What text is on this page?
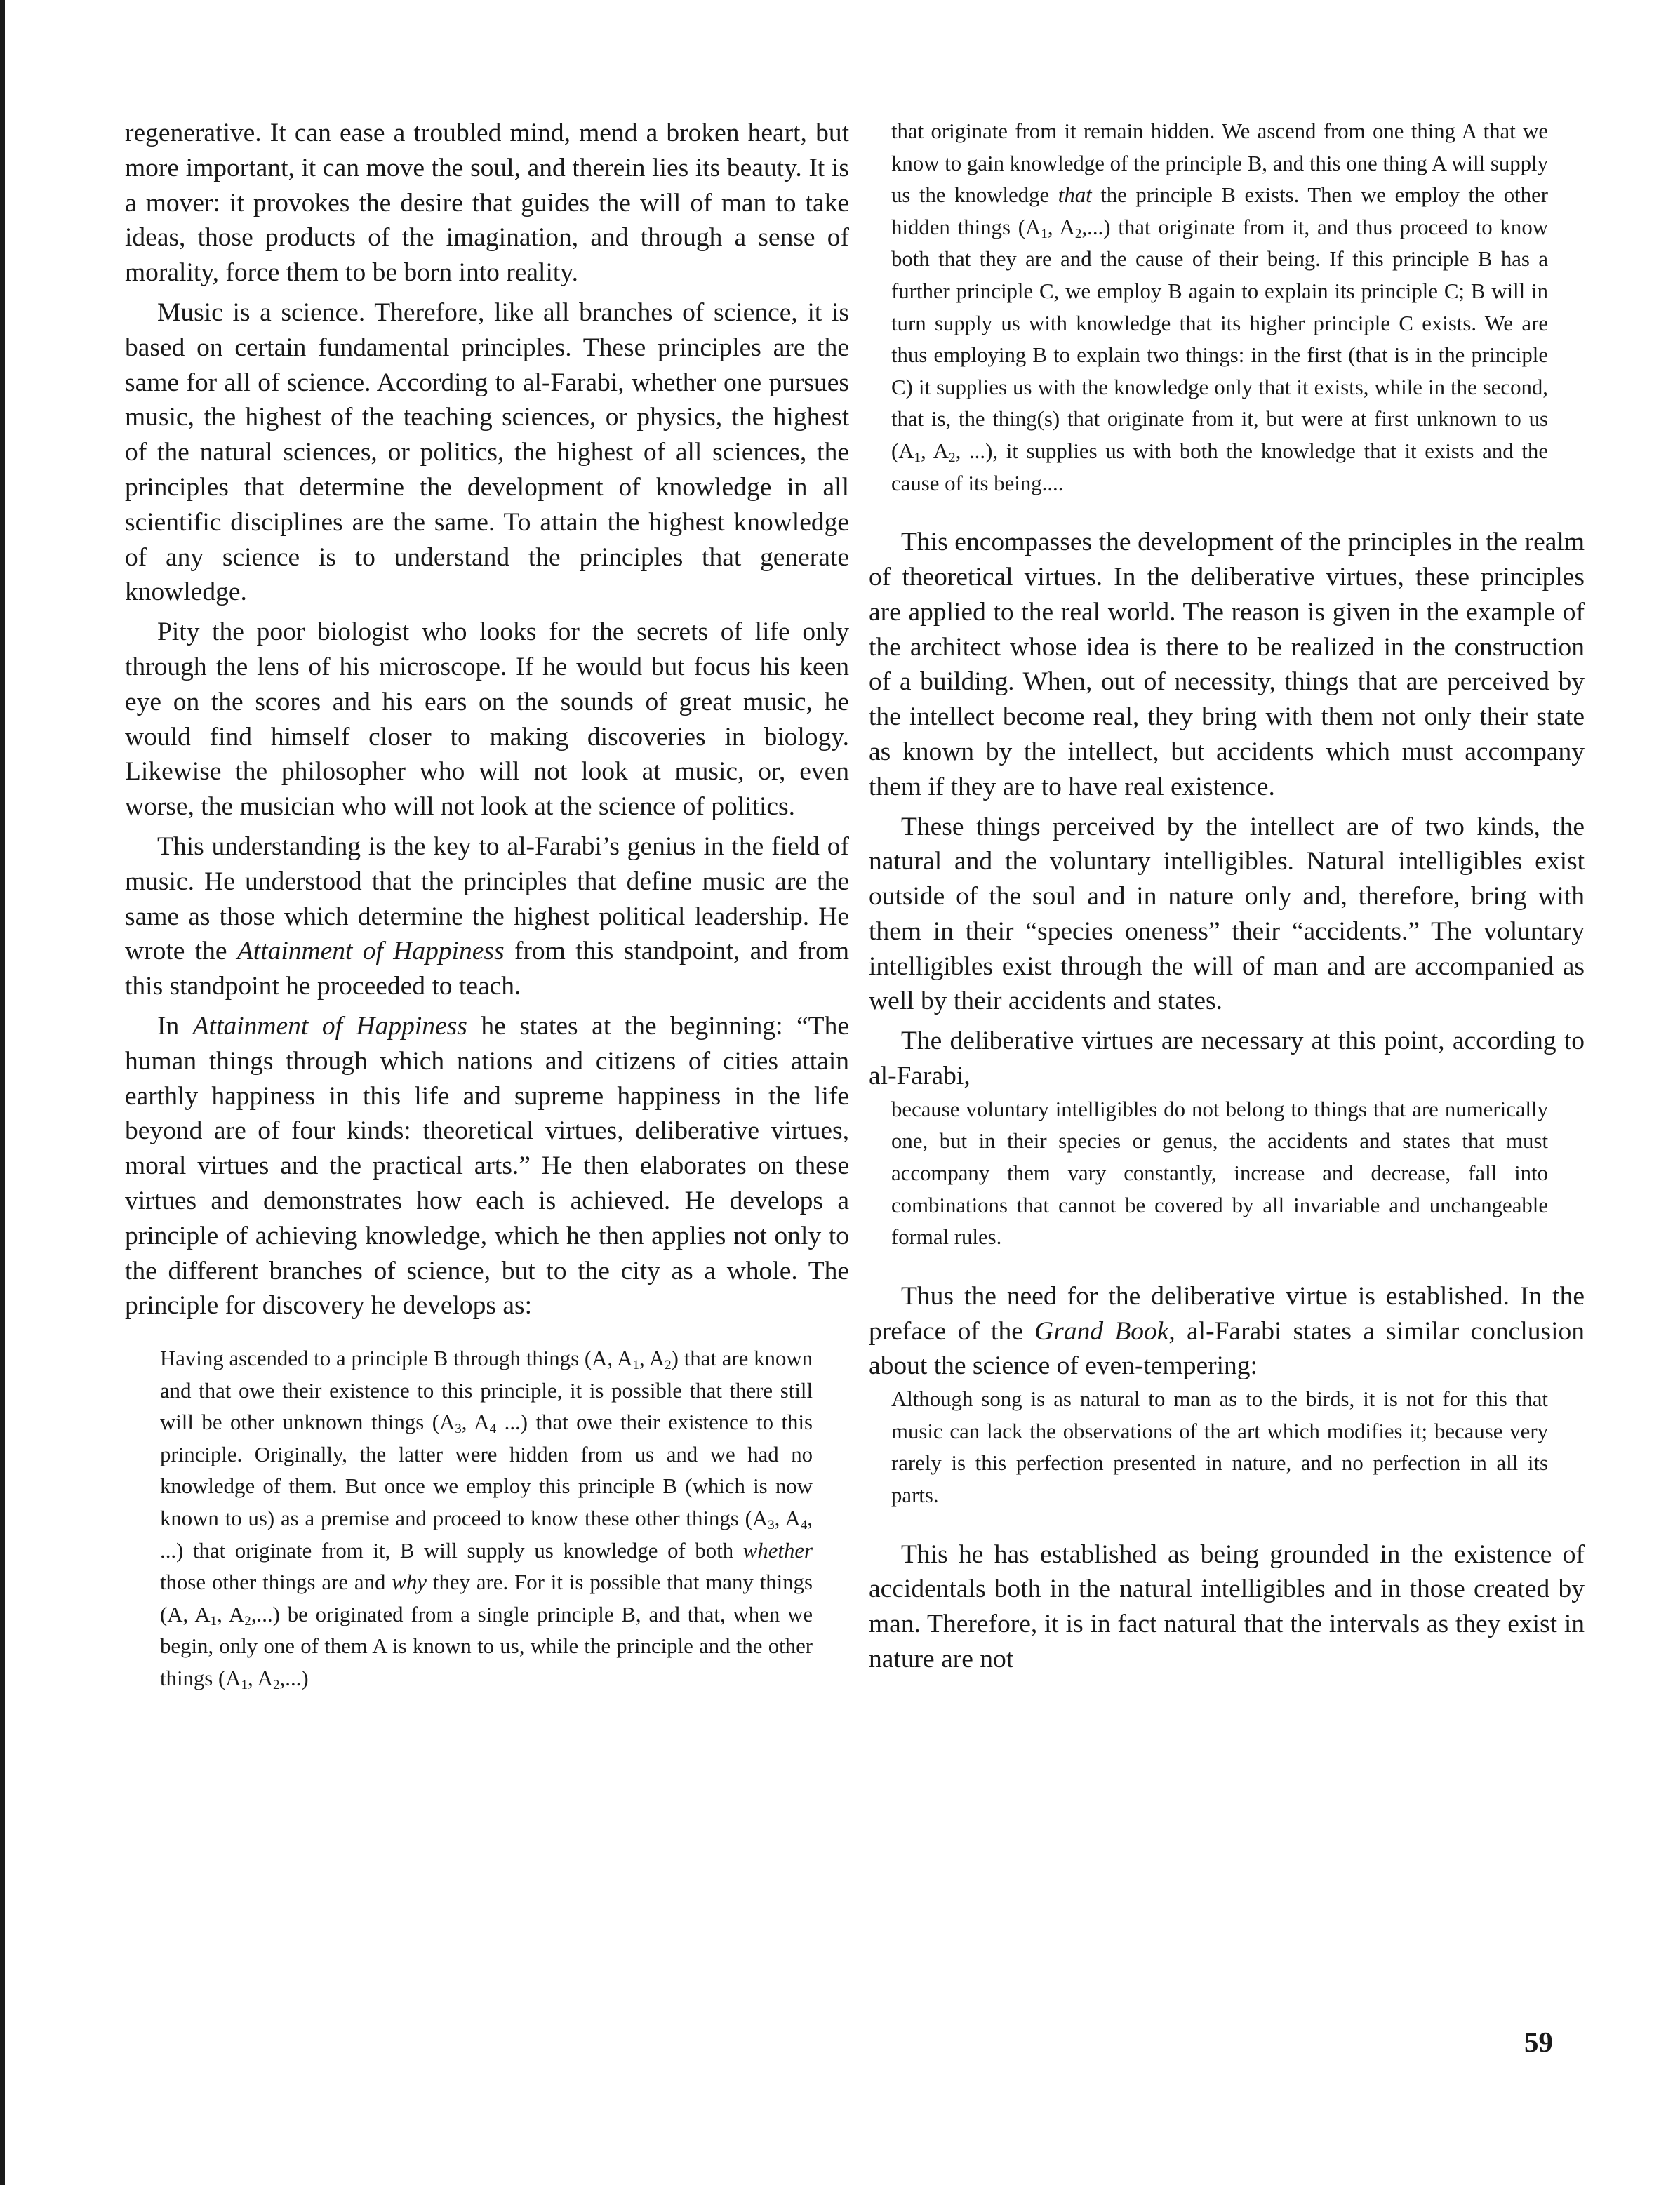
regenerative. It can ease a troubled mind, mend a broken heart, but more important, it can move the soul, and therein lies its beauty. It is a mover: it provokes the desire that guides the will of man to take ideas, those products of the imagination, and through a sense of morality, force them to be born into reality.

Music is a science. Therefore, like all branches of science, it is based on certain fundamental principles. These principles are the same for all of science. According to al-Farabi, whether one pursues music, the highest of the teaching sciences, or physics, the highest of the natural sciences, or politics, the highest of all sciences, the principles that determine the development of knowledge in all scientific disciplines are the same. To attain the highest knowledge of any science is to understand the principles that generate knowledge.

Pity the poor biologist who looks for the secrets of life only through the lens of his microscope. If he would but focus his keen eye on the scores and his ears on the sounds of great music, he would find himself closer to making discoveries in biology. Likewise the philosopher who will not look at music, or, even worse, the musician who will not look at the science of politics.

This understanding is the key to al-Farabi’s genius in the field of music. He understood that the principles that define music are the same as those which determine the highest political leadership. He wrote the Attainment of Happiness from this standpoint, and from this standpoint he proceeded to teach.

In Attainment of Happiness he states at the beginning: “The human things through which nations and citizens of cities attain earthly happiness in this life and supreme happiness in the life beyond are of four kinds: theoretical virtues, deliberative virtues, moral virtues and the practical arts.” He then elaborates on these virtues and demonstrates how each is achieved. He develops a principle of achieving knowledge, which he then applies not only to the different branches of science, but to the city as a whole. The principle for discovery he develops as:

Having ascended to a principle B through things (A, $A_1$, $A_2$) that are known and that owe their existence to this principle, it is possible that there still will be other unknown things ($A_3$, $A_4$ ...) that owe their existence to this principle. Originally, the latter were hidden from us and we had no knowledge of them. But once we employ this principle B (which is now known to us) as a premise and proceed to know these other things ($A_3$, $A_4$, ...) that originate from it, B will supply us knowledge of both whether those other things are and why they are. For it is possible that many things (A, $A_1$, $A_2$,...) be originated from a single principle B, and that, when we begin, only one of them A is known to us, while the principle and the other things ($A_1$, $A_2$,...)

that originate from it remain hidden. We ascend from one thing A that we know to gain knowledge of the principle B, and this one thing A will supply us the knowledge that the principle B exists. Then we employ the other hidden things ($A_1$, $A_2$,...) that originate from it, and thus proceed to know both that they are and the cause of their being. If this principle B has a further principle C, we employ B again to explain its principle C; B will in turn supply us with knowledge that its higher principle C exists. We are thus employing B to explain two things: in the first (that is in the principle C) it supplies us with the knowledge only that it exists, while in the second, that is, the thing(s) that originate from it, but were at first unknown to us ($A_1$, $A_2$, ...), it supplies us with both the knowledge that it exists and the cause of its being....

This encompasses the development of the principles in the realm of theoretical virtues. In the deliberative virtues, these principles are applied to the real world. The reason is given in the example of the architect whose idea is there to be realized in the construction of a building. When, out of necessity, things that are perceived by the intellect become real, they bring with them not only their state as known by the intellect, but accidents which must accompany them if they are to have real existence.

These things perceived by the intellect are of two kinds, the natural and the voluntary intelligibles. Natural intelligibles exist outside of the soul and in nature only and, therefore, bring with them in their “species oneness” their “accidents.” The voluntary intelligibles exist through the will of man and are accompanied as well by their accidents and states.

The deliberative virtues are necessary at this point, according to al-Farabi,

because voluntary intelligibles do not belong to things that are numerically one, but in their species or genus, the accidents and states that must accompany them vary constantly, increase and decrease, fall into combinations that cannot be covered by all invariable and unchangeable formal rules.

Thus the need for the deliberative virtue is established. In the preface of the Grand Book, al-Farabi states a similar conclusion about the science of even-tempering:

Although song is as natural to man as to the birds, it is not for this that music can lack the observations of the art which modifies it; because very rarely is this perfection presented in nature, and no perfection in all its parts.

This he has established as being grounded in the existence of accidentals both in the natural intelligibles and in those created by man. Therefore, it is in fact natural that the intervals as they exist in nature are not

59
